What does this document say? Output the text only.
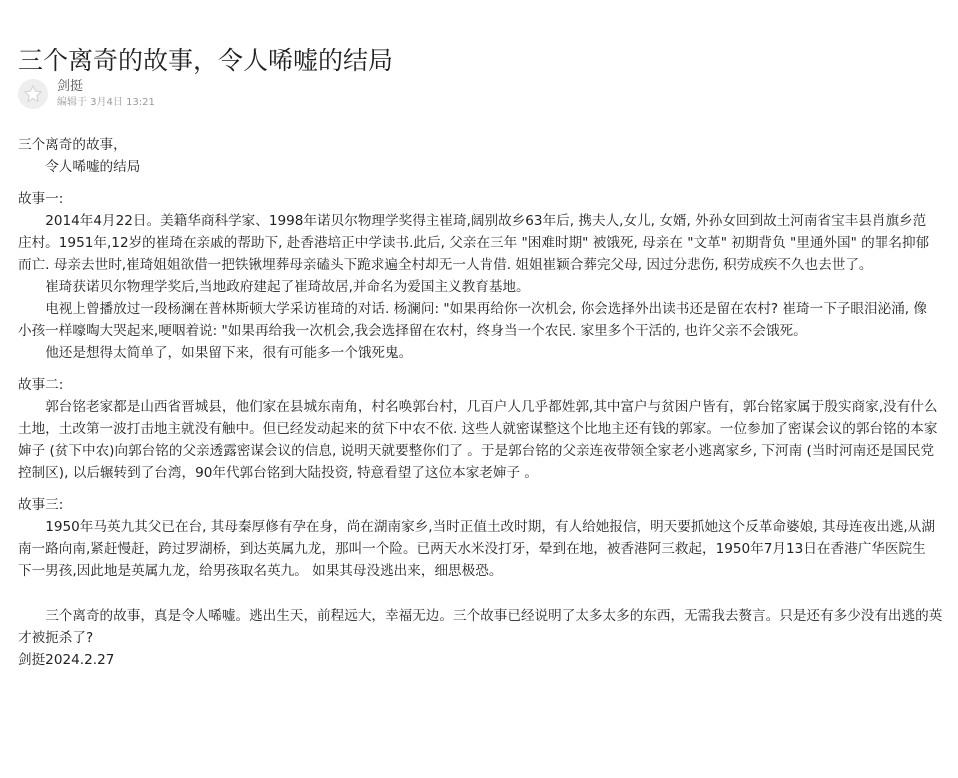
三个离奇的故事，令人唏嘘的结局
剑挺
编辑于 3月4日 13:21

三个离奇的故事，

令人唏嘘的结局

故事一:

2014年4月22日。美籍华商科学家、1998年诺贝尔物理学奖得主崔琦,阔别故乡63年后, 携夫人,女儿, 女婿, 外孙女回到故土河南省宝丰县肖旗乡范庄村。1951年,12岁的崔琦在亲戚的帮助下, 赴香港培正中学读书.此后, 父亲在三年 "困难时期" 被饿死, 母亲在 "文革" 初期背负 "里通外国" 的罪名抑郁而亡. 母亲去世时,崔琦姐姐欲借一把铁锹埋葬母亲磕头下跪求遍全村却无一人肯借. 姐姐崔颖合葬完父母, 因过分悲伤, 积劳成疾不久也去世了。

崔琦获诺贝尔物理学奖后,当地政府建起了崔琦故居,并命名为爱国主义教育基地。

电视上曾播放过一段杨澜在普林斯顿大学采访崔琦的对话. 杨澜问: "如果再给你一次机会, 你会选择外出读书还是留在农村? 崔琦一下子眼泪泌涌, 像小孩一样嚎啕大哭起来,哽咽着说: "如果再给我一次机会,我会选择留在农村，终身当一个农民. 家里多个干活的, 也许父亲不会饿死。

他还是想得太简单了，如果留下来，很有可能多一个饿死鬼。

故事二:

郭台铭老家都是山西省晋城县，他们家在县城东南角，村名唤郭台村，几百户人几乎都姓郭,其中富户与贫困户皆有，郭台铭家属于殷实商家,没有什么土地，土改第一波打击地主就没有触中。但已经发动起来的贫下中农不依. 这些人就密谋整这个比地主还有钱的郭家。一位参加了密谋会议的郭台铭的本家婶子 (贫下中农)向郭台铭的父亲透露密谋会议的信息, 说明天就要整你们了 。于是郭台铭的父亲连夜带领全家老小逃离家乡, 下河南 (当时河南还是国民党控制区), 以后辗转到了台湾，90年代郭台铭到大陆投资, 特意看望了这位本家老婶子 。

故事三:

1950年马英九其父已在台, 其母秦厚修有孕在身，尚在湖南家乡,当时正值土改时期，有人给她报信，明天要抓她这个反革命婆娘, 其母连夜出逃,从湖南一路向南,紧赶慢赶，跨过罗湖桥，到达英属九龙，那叫一个险。已两天水米没打牙，晕到在地，被香港阿三救起，1950年7月13日在香港广华医院生下一男孩,因此地是英属九龙，给男孩取名英九。 如果其母没逃出来，细思极恐。

三个离奇的故事，真是令人唏嘘。逃出生天，前程远大，幸福无边。三个故事已经说明了太多太多的东西，无需我去赘言。只是还有多少没有出逃的英才被扼杀了?

剑挺2024.2.27
